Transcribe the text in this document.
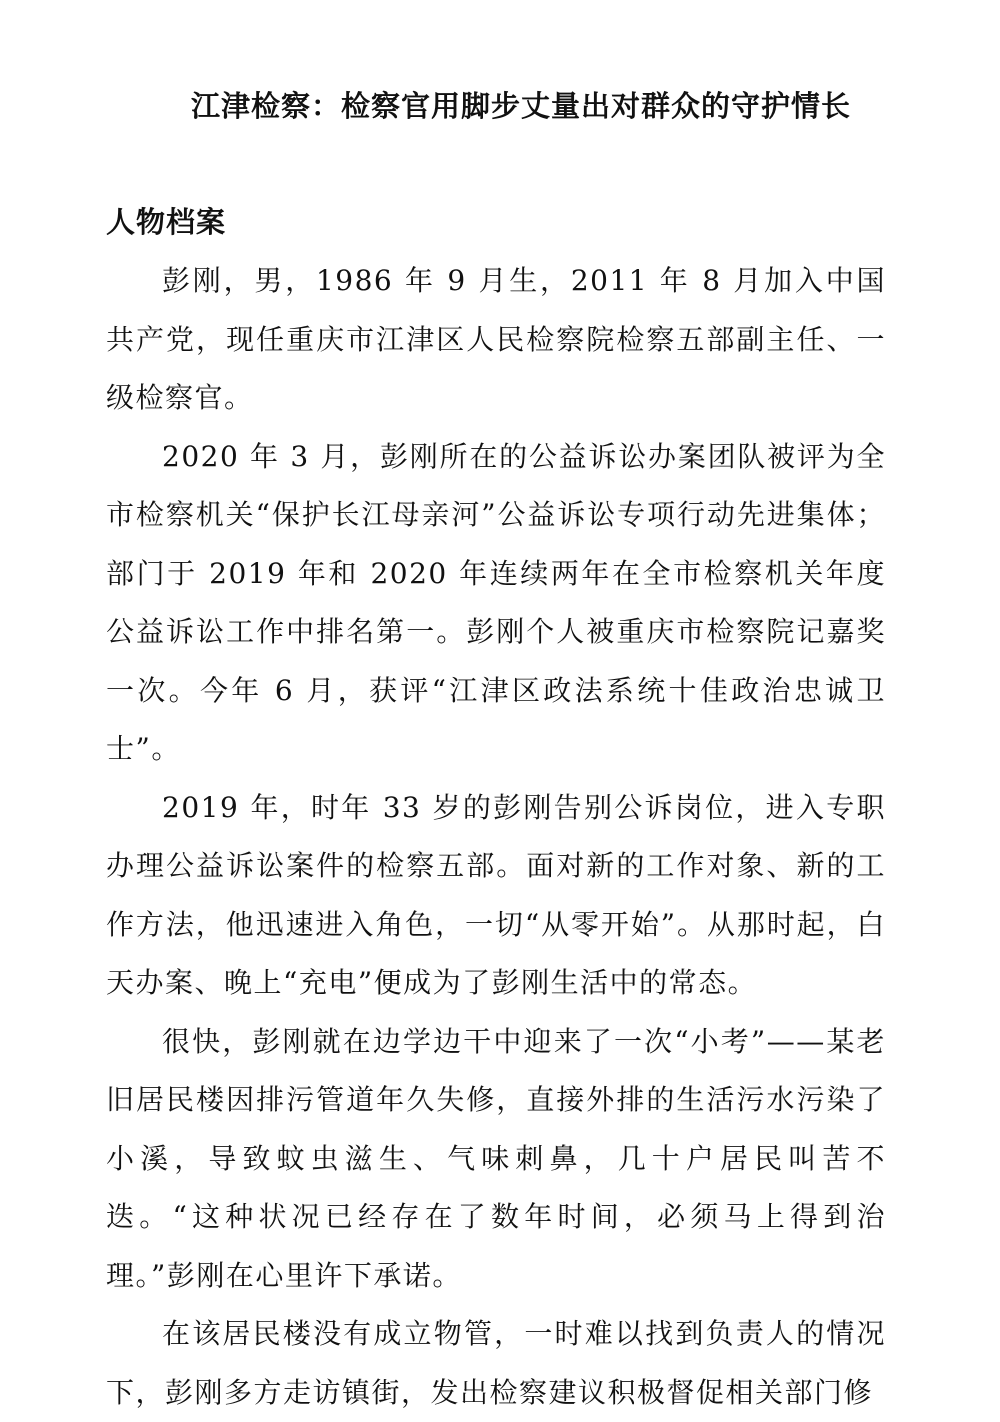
江津检察：检察官用脚步丈量出对群众的守护情长
人物档案

彭刚，男，1986 年 9 月生，2011 年 8 月加入中国共产党，现任重庆市江津区人民检察院检察五部副主任、一级检察官。

2020 年 3 月，彭刚所在的公益诉讼办案团队被评为全市检察机关“保护长江母亲河”公益诉讼专项行动先进集体；部门于 2019 年和 2020 年连续两年在全市检察机关年度公益诉讼工作中排名第一。彭刚个人被重庆市检察院记嘉奖一次。今年 6 月，获评“江津区政法系统十佳政治忠诚卫士”。

2019 年，时年 33 岁的彭刚告别公诉岗位，进入专职办理公益诉讼案件的检察五部。面对新的工作对象、新的工作方法，他迅速进入角色，一切“从零开始”。从那时起，白天办案、晚上“充电”便成为了彭刚生活中的常态。

很快，彭刚就在边学边干中迎来了一次“小考”——某老旧居民楼因排污管道年久失修，直接外排的生活污水污染了小溪，导致蚊虫滋生、气味刺鼻，几十户居民叫苦不迭。“这种状况已经存在了数年时间，必须马上得到治理。”彭刚在心里许下承诺。

在该居民楼没有成立物管，一时难以找到负责人的情况下，彭刚多方走访镇街，发出检察建议积极督促相关部门修
